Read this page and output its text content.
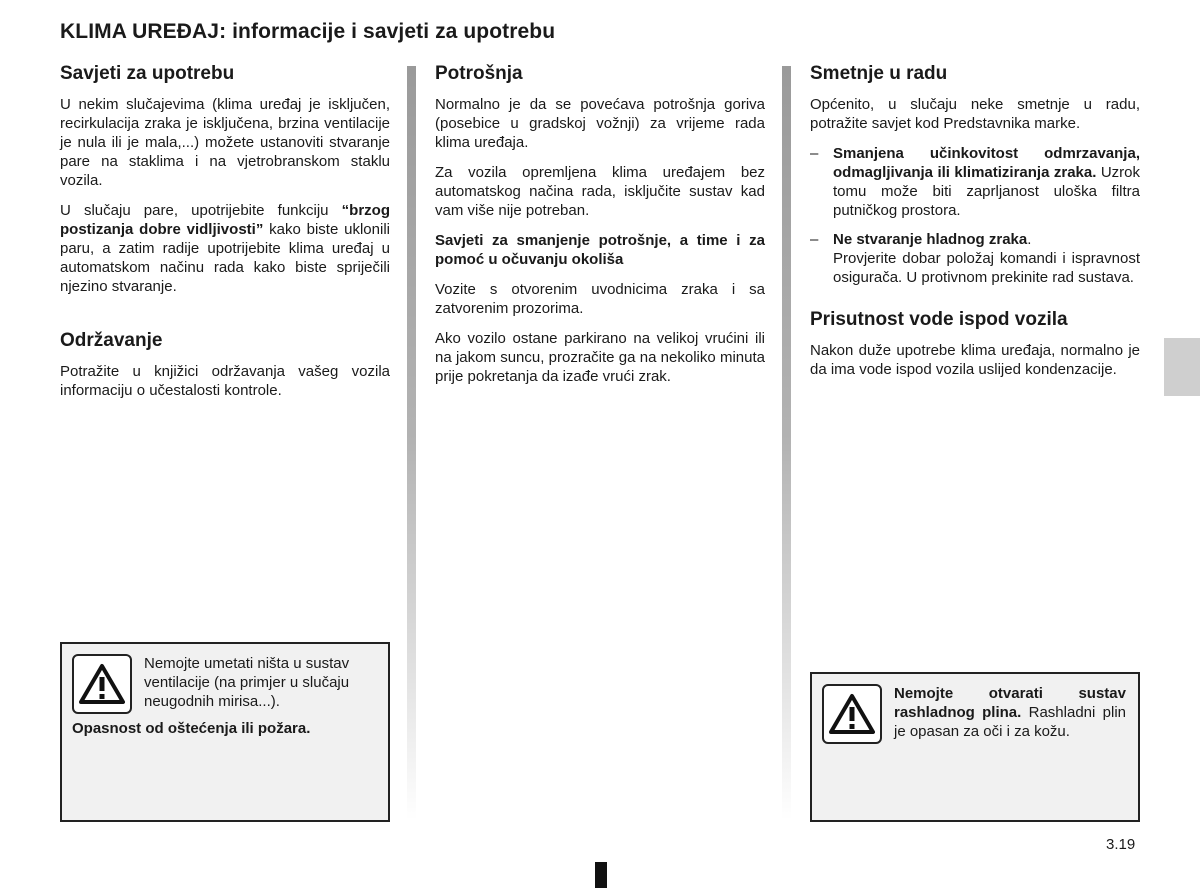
KLIMA UREĐAJ: informacije i savjeti za upotrebu
Savjeti za upotrebu

U nekim slučajevima (klima uređaj je isključen, recirkulacija zraka je isključena, brzina ventilacije je nula ili je mala,...) možete ustanoviti stvaranje pare na staklima i na vjetrobranskom staklu vozila.

U slučaju pare, upotrijebite funkciju “brzog postizanja dobre vidljivosti” kako biste uklonili paru, a zatim radije upotrijebite klima uređaj u automatskom načinu rada kako biste spriječili njezino stvaranje.

Održavanje

Potražite u knjižici održavanja vašeg vozila informaciju o učestalosti kontrole.

Nemojte umetati ništa u sustav ventilacije (na primjer u slučaju neugodnih mirisa...).

Opasnost od oštećenja ili požara.

Potrošnja

Normalno je da se povećava potrošnja goriva (posebice u gradskoj vožnji) za vrijeme rada klima uređaja.

Za vozila opremljena klima uređajem bez automatskog načina rada, isključite sustav kad vam više nije potreban.

Savjeti za smanjenje potrošnje, a time i za pomoć u očuvanju okoliša

Vozite s otvorenim uvodnicima zraka i sa zatvorenim prozorima.

Ako vozilo ostane parkirano na velikoj vrućini ili na jakom suncu, prozračite ga na nekoliko minuta prije pokretanja da izađe vrući zrak.

Smetnje u radu

Općenito, u slučaju neke smetnje u radu, potražite savjet kod Predstavnika marke.

– Smanjena učinkovitost odmrzavanja, odmagljivanja ili klimatiziranja zraka. Uzrok tomu može biti zaprljanost uloška filtra putničkog prostora.
– Ne stvaranje hladnog zraka.
Provjerite dobar položaj komandi i ispravnost osigurača. U protivnom prekinite rad sustava.
Prisutnost vode ispod vozila

Nakon duže upotrebe klima uređaja, normalno je da ima vode ispod vozila uslijed kondenzacije.

Nemojte otvarati sustav rashladnog plina. Rashladni plin je opasan za oči i za kožu.

3.19
